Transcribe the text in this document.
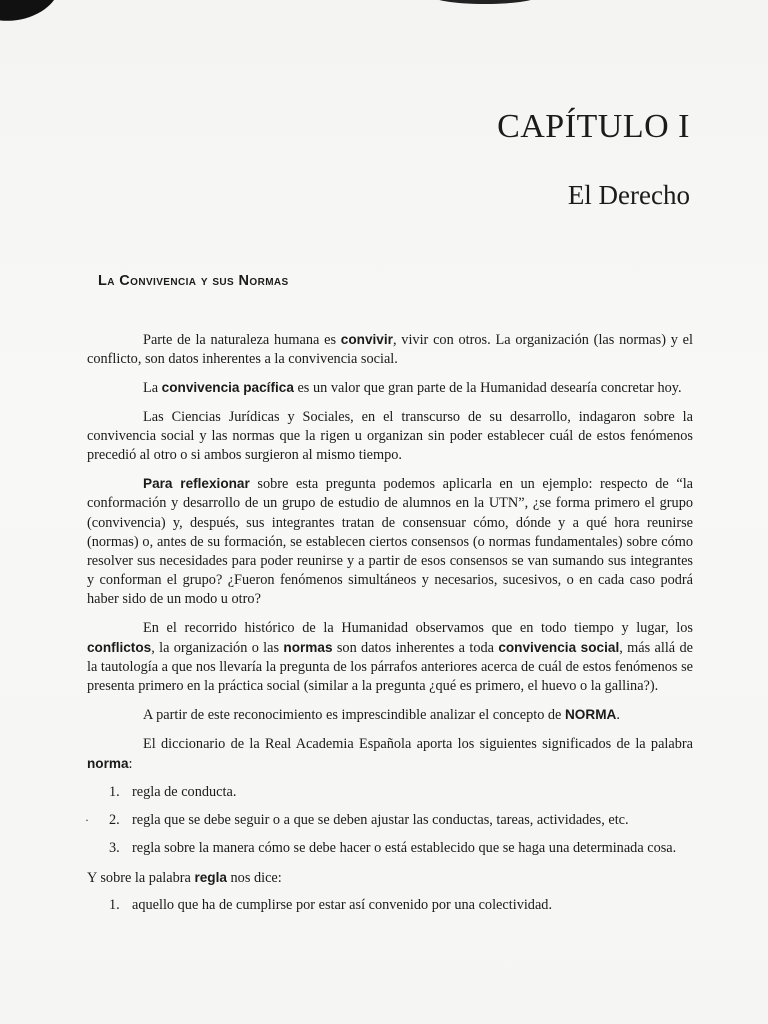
CAPÍTULO I
El Derecho
La Convivencia y sus Normas

Parte de la naturaleza humana es convivir, vivir con otros. La organización (las normas) y el conflicto, son datos inherentes a la convivencia social.

La convivencia pacífica es un valor que gran parte de la Humanidad desearía concretar hoy.

Las Ciencias Jurídicas y Sociales, en el transcurso de su desarrollo, indagaron sobre la convivencia social y las normas que la rigen u organizan sin poder establecer cuál de estos fenómenos precedió al otro o si ambos surgieron al mismo tiempo.

Para reflexionar sobre esta pregunta podemos aplicarla en un ejemplo: respecto de “la conformación y desarrollo de un grupo de estudio de alumnos en la UTN”, ¿se forma primero el grupo (convivencia) y, después, sus integrantes tratan de consensuar cómo, dónde y a qué hora reunirse (normas) o, antes de su formación, se establecen ciertos consensos (o normas fundamentales) sobre cómo resolver sus necesidades para poder reunirse y a partir de esos consensos se van sumando sus integrantes y conforman el grupo? ¿Fueron fenómenos simultáneos y necesarios, sucesivos, o en cada caso podrá haber sido de un modo u otro?

En el recorrido histórico de la Humanidad observamos que en todo tiempo y lugar, los conflictos, la organización o las normas son datos inherentes a toda convivencia social, más allá de la tautología a que nos llevaría la pregunta de los párrafos anteriores acerca de cuál de estos fenómenos se presenta primero en la práctica social (similar a la pregunta ¿qué es primero, el huevo o la gallina?).

A partir de este reconocimiento es imprescindible analizar el concepto de NORMA.

El diccionario de la Real Academia Española aporta los siguientes significados de la palabra norma:

1. regla de conducta.
· 2. regla que se debe seguir o a que se deben ajustar las conductas, tareas, actividades, etc.
3. regla sobre la manera cómo se debe hacer o está establecido que se haga una determinada cosa.

Y sobre la palabra regla nos dice:

1. aquello que ha de cumplirse por estar así convenido por una colectividad.
